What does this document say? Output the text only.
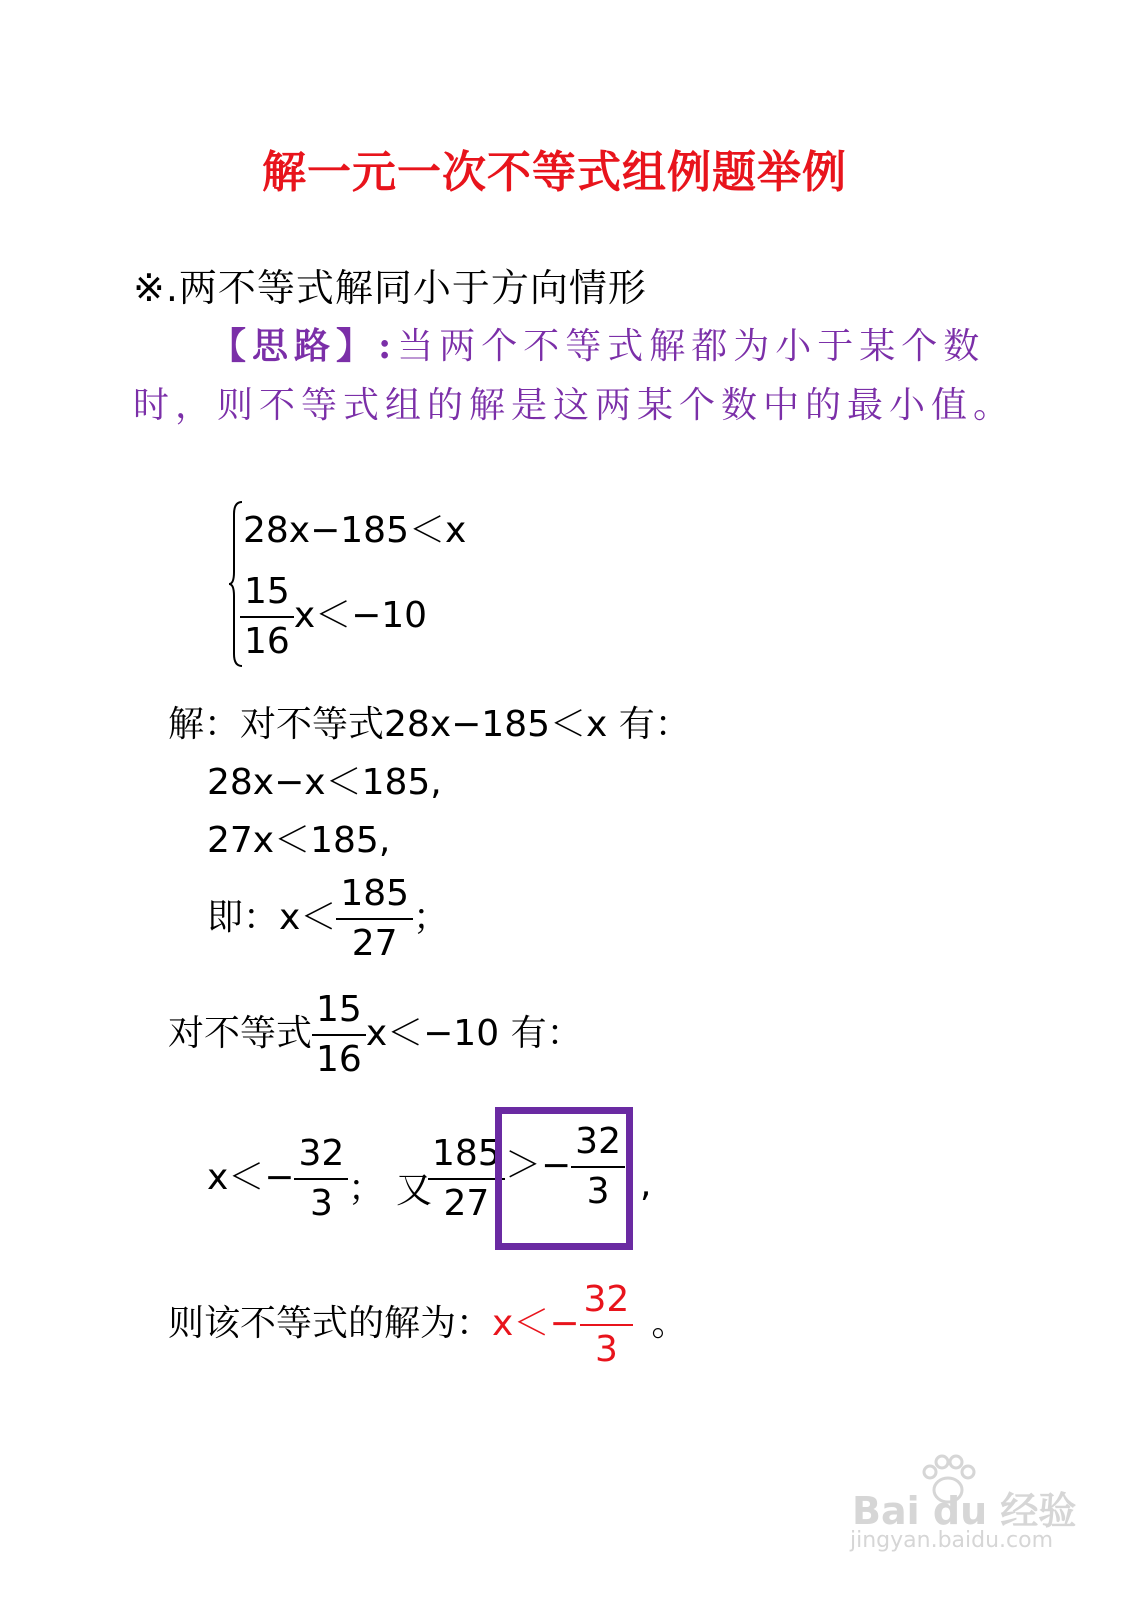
解一元一次不等式组例题举例
※.两不等式解同小于方向情形
【思路】:当两个不等式解都为小于某个数
时，则不等式组的解是这两某个数中的最小值。
28x−185＜x
$\frac{15}{16} x<-10$
解：对不等式28x−185＜x 有：
28x−x＜185,
27x＜185,
即：$x< \frac{185}{27}$ ；
对不等式 $\frac{15}{16} x<-10$ 有：
$x<- \frac{32}{3}$ ； 又
$\frac{185}{27} >- \frac{32}{3}$ ,
则该不等式的解为：$x<- \frac{32}{3}$ 。
Bai du 经验
jingyan.baidu.com
